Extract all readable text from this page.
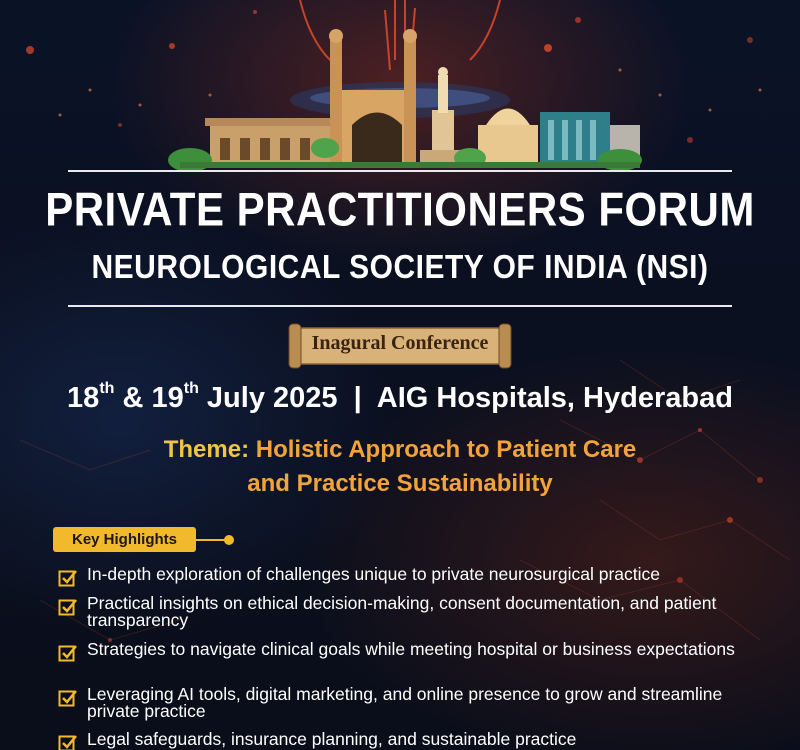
PRIVATE PRACTITIONERS FORUM
NEUROLOGICAL SOCIETY OF INDIA (NSI)
Inagural Conference
18th & 19th July 2025  |  AIG Hospitals, Hyderabad
Theme: Holistic Approach to Patient Care
and Practice Sustainability
Key Highlights
In-depth exploration of challenges unique to private neurosurgical practice
Practical insights on ethical decision-making, consent documentation, and patient transparency
Strategies to navigate clinical goals while meeting hospital or business expectations
Leveraging AI tools, digital marketing, and online presence to grow and streamline private practice
Legal safeguards, insurance planning, and sustainable practice
